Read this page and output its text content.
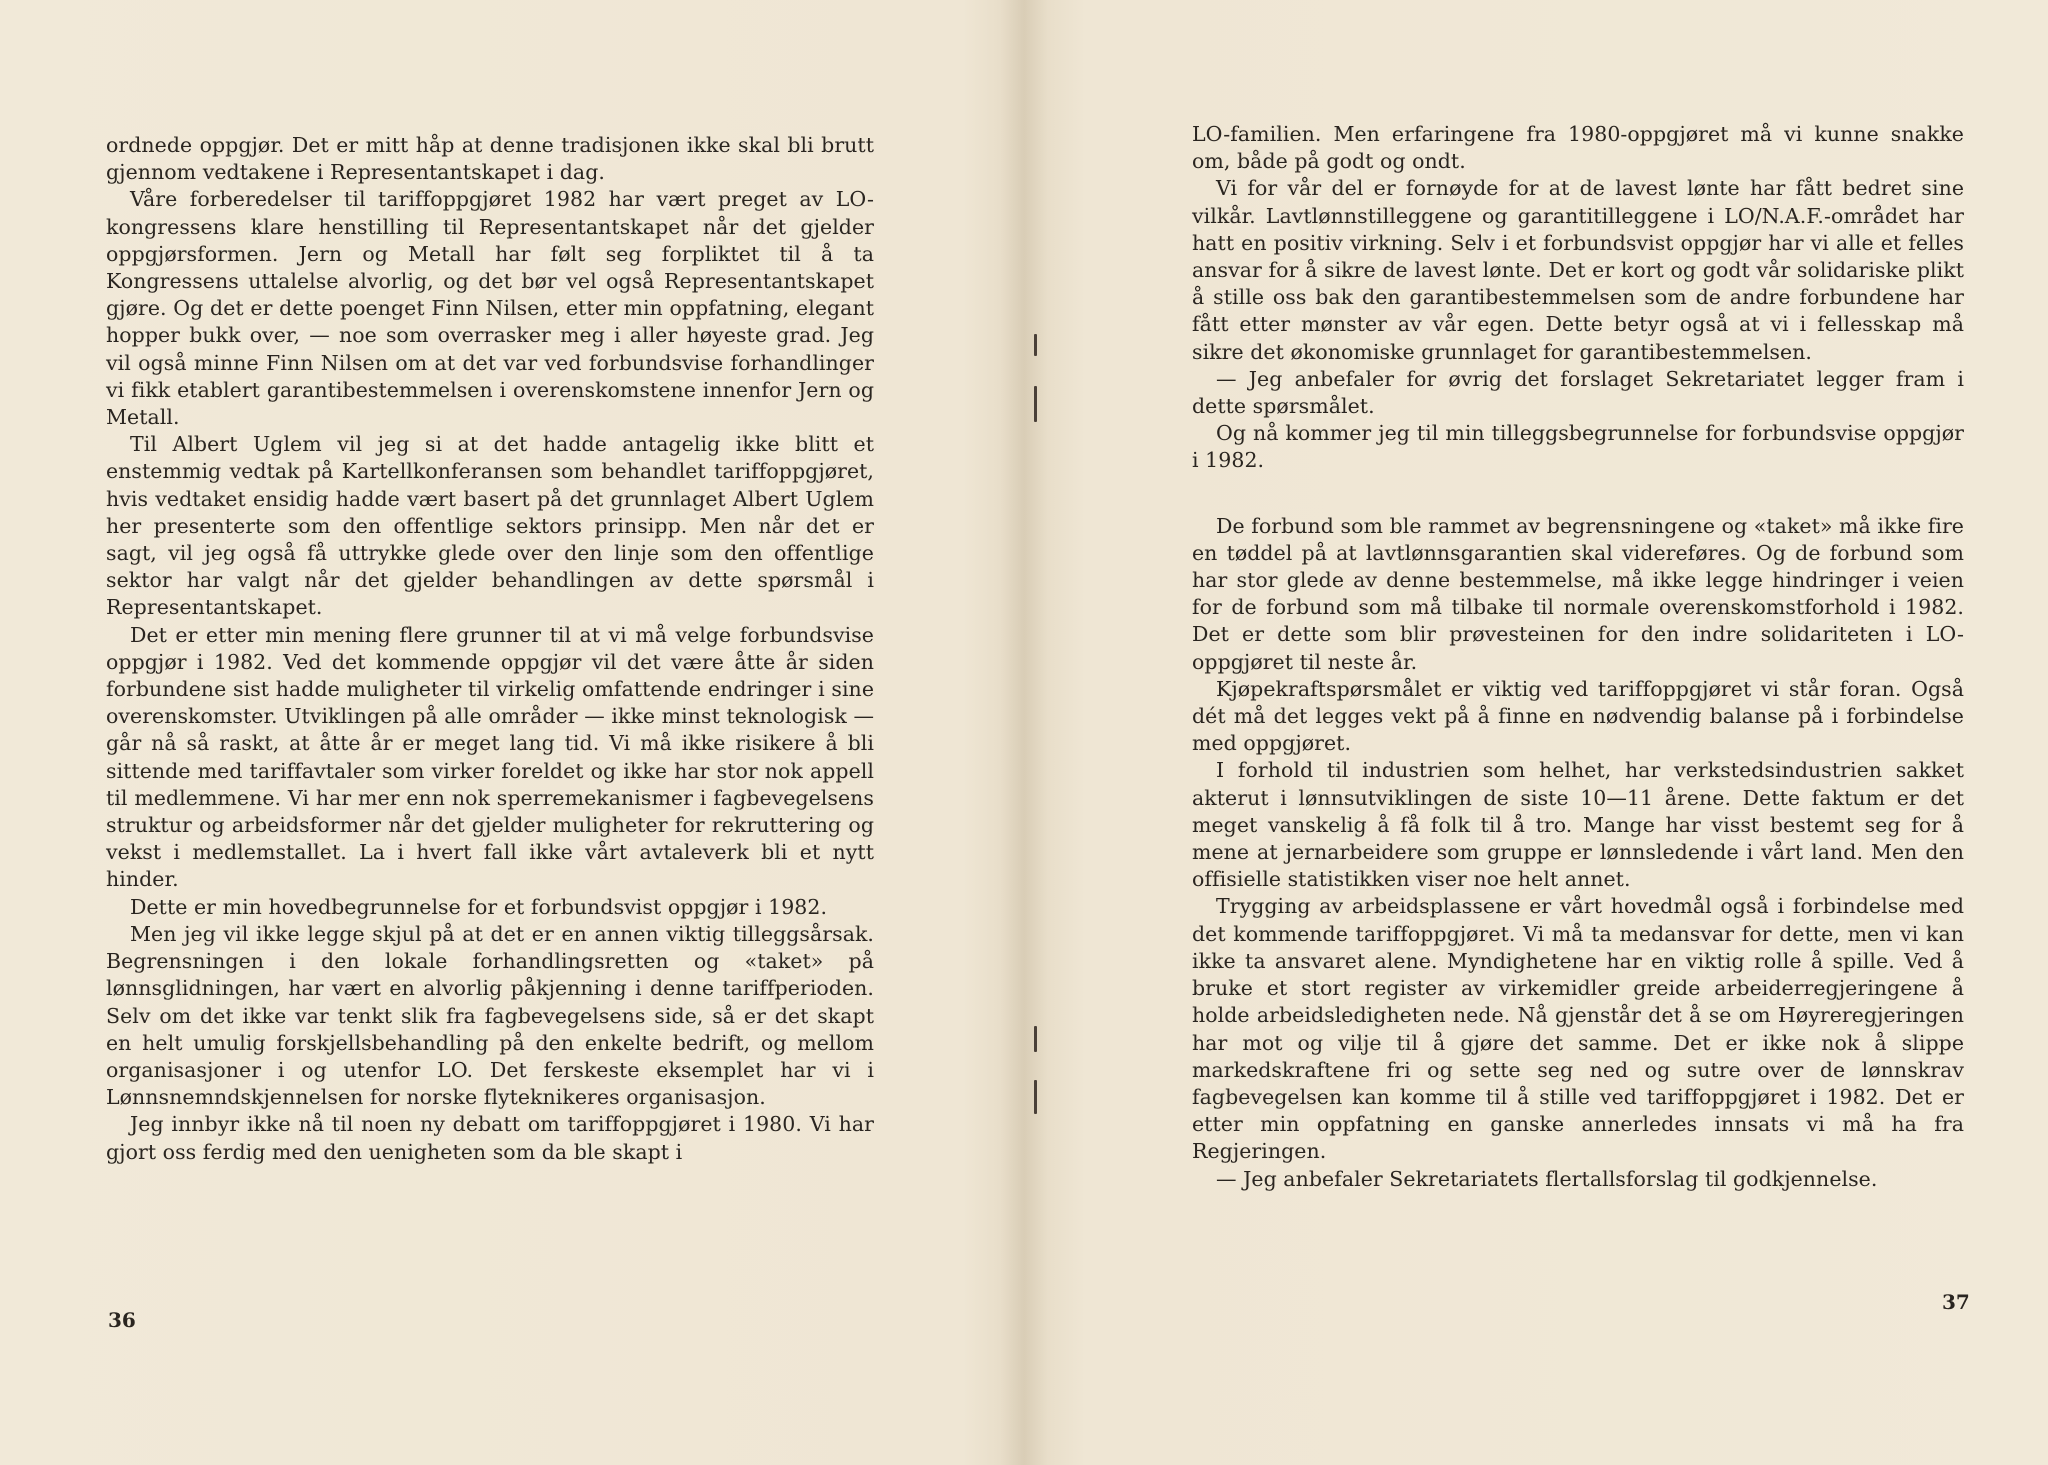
ordnede oppgjør. Det er mitt håp at denne tradisjonen ikke skal bli brutt gjennom vedtakene i Representantskapet i dag.

Våre forberedelser til tariffoppgjøret 1982 har vært preget av LO-kongressens klare henstilling til Representantskapet når det gjelder oppgjørsformen. Jern og Metall har følt seg forpliktet til å ta Kongressens uttalelse alvorlig, og det bør vel også Representantskapet gjøre. Og det er dette poenget Finn Nilsen, etter min oppfatning, elegant hopper bukk over, — noe som overrasker meg i aller høyeste grad. Jeg vil også minne Finn Nilsen om at det var ved forbundsvise forhandlinger vi fikk etablert garantibestemmelsen i overenskomstene innenfor Jern og Metall.

Til Albert Uglem vil jeg si at det hadde antagelig ikke blitt et enstemmig vedtak på Kartellkonferansen som behandlet tariffoppgjøret, hvis vedtaket ensidig hadde vært basert på det grunnlaget Albert Uglem her presenterte som den offentlige sektors prinsipp. Men når det er sagt, vil jeg også få uttrykke glede over den linje som den offentlige sektor har valgt når det gjelder behandlingen av dette spørsmål i Representantskapet.

Det er etter min mening flere grunner til at vi må velge forbundsvise oppgjør i 1982. Ved det kommende oppgjør vil det være åtte år siden forbundene sist hadde muligheter til virkelig omfattende endringer i sine overenskomster. Utviklingen på alle områder — ikke minst teknologisk — går nå så raskt, at åtte år er meget lang tid. Vi må ikke risikere å bli sittende med tariffavtaler som virker foreldet og ikke har stor nok appell til medlemmene. Vi har mer enn nok sperremekanismer i fagbevegelsens struktur og arbeidsformer når det gjelder muligheter for rekruttering og vekst i medlemstallet. La i hvert fall ikke vårt avtaleverk bli et nytt hinder.

Dette er min hovedbegrunnelse for et forbundsvist oppgjør i 1982.

Men jeg vil ikke legge skjul på at det er en annen viktig tilleggsårsak. Begrensningen i den lokale forhandlingsretten og «taket» på lønnsglidningen, har vært en alvorlig påkjenning i denne tariffperioden. Selv om det ikke var tenkt slik fra fagbevegelsens side, så er det skapt en helt umulig forskjellsbehandling på den enkelte bedrift, og mellom organisasjoner i og utenfor LO. Det ferskeste eksemplet har vi i Lønnsnemndskjennelsen for norske flyteknikeres organisasjon.

Jeg innbyr ikke nå til noen ny debatt om tariffoppgjøret i 1980. Vi har gjort oss ferdig med den uenigheten som da ble skapt i

36

LO-familien. Men erfaringene fra 1980-oppgjøret må vi kunne snakke om, både på godt og ondt.

Vi for vår del er fornøyde for at de lavest lønte har fått bedret sine vilkår. Lavtlønnstilleggene og garantitilleggene i LO/N.A.F.-området har hatt en positiv virkning. Selv i et forbundsvist oppgjør har vi alle et felles ansvar for å sikre de lavest lønte. Det er kort og godt vår solidariske plikt å stille oss bak den garantibestemmelsen som de andre forbundene har fått etter mønster av vår egen. Dette betyr også at vi i fellesskap må sikre det økonomiske grunnlaget for garantibestemmelsen.

— Jeg anbefaler for øvrig det forslaget Sekretariatet legger fram i dette spørsmålet.

Og nå kommer jeg til min tilleggsbegrunnelse for forbundsvise oppgjør i 1982.

De forbund som ble rammet av begrensningene og «taket» må ikke fire en tøddel på at lavtlønnsgarantien skal videreføres. Og de forbund som har stor glede av denne bestemmelse, må ikke legge hindringer i veien for de forbund som må tilbake til normale overenskomstforhold i 1982. Det er dette som blir prøvesteinen for den indre solidariteten i LO-oppgjøret til neste år.

Kjøpekraftspørsmålet er viktig ved tariffoppgjøret vi står foran. Også dét må det legges vekt på å finne en nødvendig balanse på i forbindelse med oppgjøret.

I forhold til industrien som helhet, har verkstedsindustrien sakket akterut i lønnsutviklingen de siste 10—11 årene. Dette faktum er det meget vanskelig å få folk til å tro. Mange har visst bestemt seg for å mene at jernarbeidere som gruppe er lønnsledende i vårt land. Men den offisielle statistikken viser noe helt annet.

Trygging av arbeidsplassene er vårt hovedmål også i forbindelse med det kommende tariffoppgjøret. Vi må ta medansvar for dette, men vi kan ikke ta ansvaret alene. Myndighetene har en viktig rolle å spille. Ved å bruke et stort register av virkemidler greide arbeiderregjeringene å holde arbeidsledigheten nede. Nå gjenstår det å se om Høyreregjeringen har mot og vilje til å gjøre det samme. Det er ikke nok å slippe markedskraftene fri og sette seg ned og sutre over de lønnskrav fagbevegelsen kan komme til å stille ved tariffoppgjøret i 1982. Det er etter min oppfatning en ganske annerledes innsats vi må ha fra Regjeringen.

— Jeg anbefaler Sekretariatets flertallsforslag til godkjennelse.

37
